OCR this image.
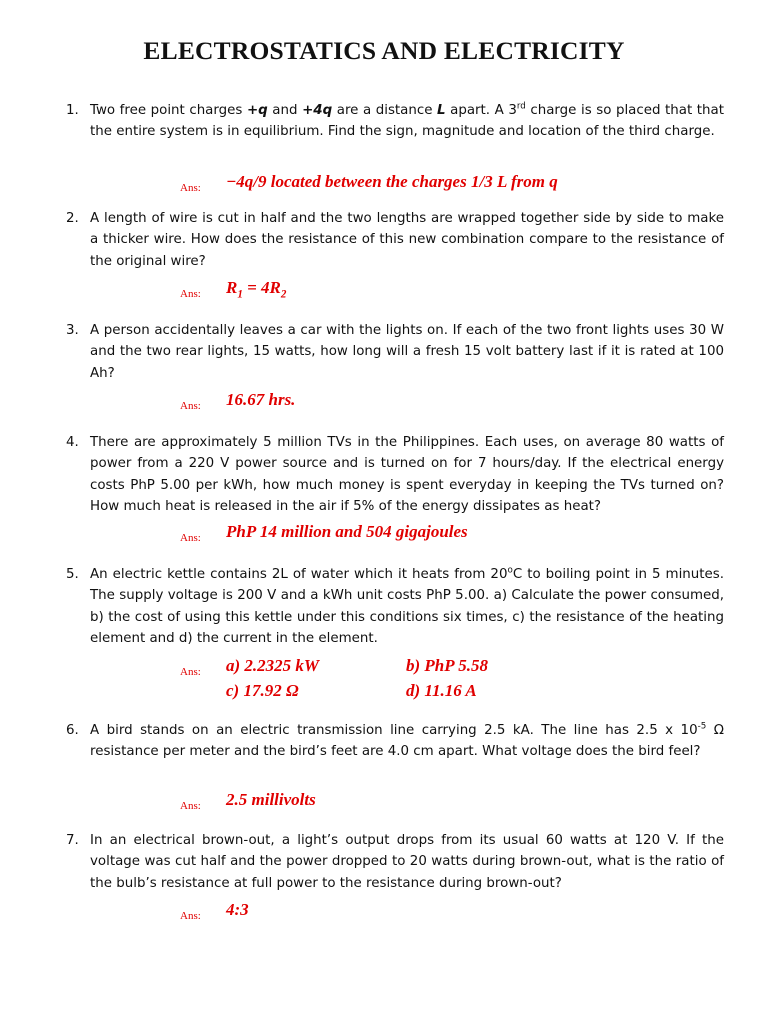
ELECTROSTATICS AND ELECTRICITY
1. Two free point charges +q and +4q are a distance L apart. A 3rd charge is so placed that that the entire system is in equilibrium. Find the sign, magnitude and location of the third charge.
Ans: −4q/9 located between the charges 1/3 L from q
2. A length of wire is cut in half and the two lengths are wrapped together side by side to make a thicker wire. How does the resistance of this new combination compare to the resistance of the original wire?
Ans: $R_1 = 4R_2$
3. A person accidentally leaves a car with the lights on. If each of the two front lights uses 30 W and the two rear lights, 15 watts, how long will a fresh 15 volt battery last if it is rated at 100 Ah?
Ans: 16.67 hrs.
4. There are approximately 5 million TVs in the Philippines. Each uses, on average 80 watts of power from a 220 V power source and is turned on for 7 hours/day. If the electrical energy costs PhP 5.00 per kWh, how much money is spent everyday in keeping the TVs turned on? How much heat is released in the air if 5% of the energy dissipates as heat?
Ans: PhP 14 million and 504 gigajoules
5. An electric kettle contains 2L of water which it heats from 20$^o$C to boiling point in 5 minutes. The supply voltage is 200 V and a kWh unit costs PhP 5.00. a) Calculate the power consumed, b) the cost of using this kettle under this conditions six times, c) the resistance of the heating element and d) the current in the element.
Ans: a) 2.2325 kW	b) PhP 5.58
c) 17.92 Ω	d) 11.16 A
6. A bird stands on an electric transmission line carrying 2.5 kA. The line has 2.5 x $10^{-5}$ Ω resistance per meter and the bird’s feet are 4.0 cm apart. What voltage does the bird feel?
Ans: 2.5 millivolts
7. In an electrical brown-out, a light’s output drops from its usual 60 watts at 120 V. If the voltage was cut half and the power dropped to 20 watts during brown-out, what is the ratio of the bulb’s resistance at full power to the resistance during brown-out?
Ans: 4:3
